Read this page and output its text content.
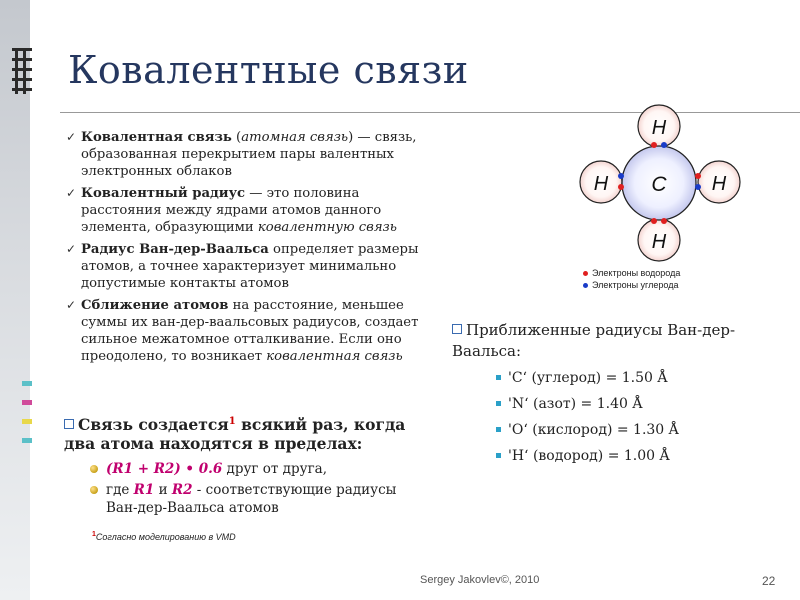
Ковалентные связи
✓ Ковалентная связь (атомная связь) — связь, образованная перекрытием пары валентных электронных облаков
✓ Ковалентный радиус — это половина расстояния между ядрами атомов данного элемента, образующими ковалентную связь
✓ Радиус Ван-дер-Ваальса определяет размеры атомов, а точнее характеризует минимально допустимые контакты атомов
✓ Сближение атомов на расстояние, меньшее суммы их ван-дер-ваальсовых радиусов, создает сильное межатомное отталкивание. Если оно преодолено, то возникает ковалентная связь
Связь создается$^1$ всякий раз, когда два атома находятся в пределах:
(R1 + R2) • 0.6 друг от друга,
где R1 и R2 - соответствующие радиусы Ван-дер-Ваальса атомов
$^1$Согласно моделированию в VMD
H
H	H
H
C
Электроны водорода
Электроны углерода
Приближенные радиусы Ван-дер-Ваальса:
'C‘ (углерод) = 1.50 Å
'N‘ (азот) = 1.40 Å
'O‘ (кислород) = 1.30 Å
'H‘ (водород) = 1.00 Å
Sergey Jakovlev©, 2010	22
